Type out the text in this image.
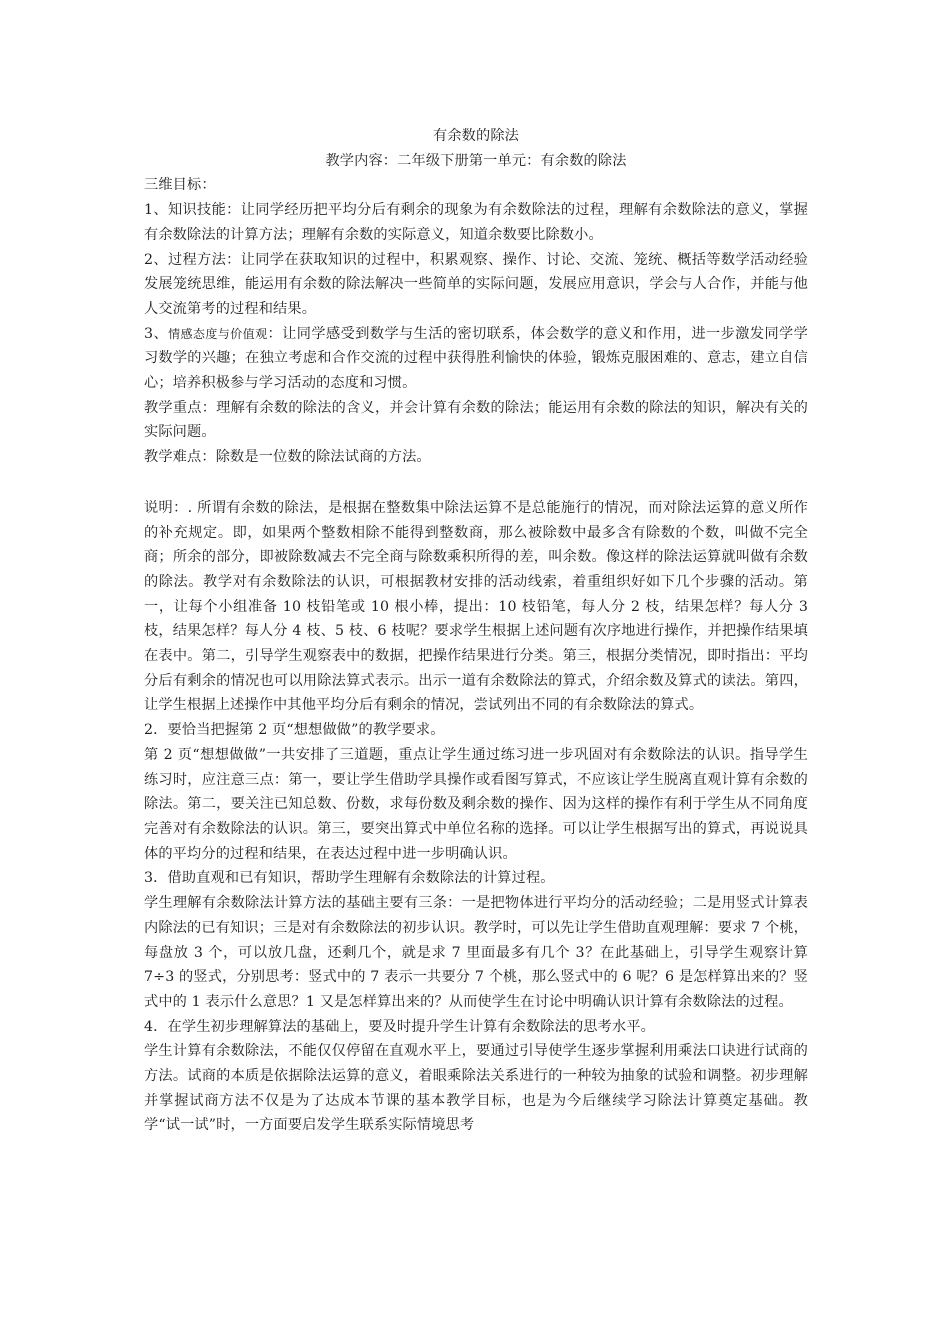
有余数的除法

教学内容：二年级下册第一单元：有余数的除法

三维目标：

1、知识技能：让同学经历把平均分后有剩余的现象为有余数除法的过程，理解有余数除法的意义，掌握有余数除法的计算方法；理解有余数的实际意义，知道余数要比除数小。

2、过程方法：让同学在获取知识的过程中，积累观察、操作、讨论、交流、笼统、概括等数学活动经验发展笼统思维，能运用有余数的除法解决一些简单的实际问题，发展应用意识，学会与人合作，并能与他人交流第考的过程和结果。

3、情感态度与价值观：让同学感受到数学与生活的密切联系，体会数学的意义和作用，进一步激发同学学习数学的兴趣；在独立考虑和合作交流的过程中获得胜利愉快的体验，锻炼克服困难的、意志，建立自信心；培养积极参与学习活动的态度和习惯。

教学重点：理解有余数的除法的含义，并会计算有余数的除法；能运用有余数的除法的知识，解决有关的实际问题。

教学难点：除数是一位数的除法试商的方法。

说明：. 所谓有余数的除法，是根据在整数集中除法运算不是总能施行的情况，而对除法运算的意义所作的补充规定。即，如果两个整数相除不能得到整数商，那么被除数中最多含有除数的个数，叫做不完全商；所余的部分，即被除数减去不完全商与除数乘积所得的差，叫余数。像这样的除法运算就叫做有余数的除法。教学对有余数除法的认识，可根据教材安排的活动线索，着重组织好如下几个步骤的活动。第一，让每个小组准备 10 枝铅笔或 10 根小棒，提出：10 枝铅笔，每人分 2 枝，结果怎样？每人分 3 枝，结果怎样？每人分 4 枝、5 枝、6 枝呢？要求学生根据上述问题有次序地进行操作，并把操作结果填在表中。第二，引导学生观察表中的数据，把操作结果进行分类。第三，根据分类情况，即时指出：平均分后有剩余的情况也可以用除法算式表示。出示一道有余数除法的算式，介绍余数及算式的读法。第四，让学生根据上述操作中其他平均分后有剩余的情况，尝试列出不同的有余数除法的算式。

2．要恰当把握第 2 页“想想做做”的教学要求。

第 2 页“想想做做”一共安排了三道题，重点让学生通过练习进一步巩固对有余数除法的认识。指导学生练习时，应注意三点：第一，要让学生借助学具操作或看图写算式，不应该让学生脱离直观计算有余数的除法。第二，要关注已知总数、份数，求每份数及剩余数的操作、因为这样的操作有利于学生从不同角度完善对有余数除法的认识。第三，要突出算式中单位名称的选择。可以让学生根据写出的算式，再说说具体的平均分的过程和结果，在表达过程中进一步明确认识。

3．借助直观和已有知识，帮助学生理解有余数除法的计算过程。

学生理解有余数除法计算方法的基础主要有三条：一是把物体进行平均分的活动经验；二是用竖式计算表内除法的已有知识；三是对有余数除法的初步认识。教学时，可以先让学生借助直观理解：要求 7 个桃，每盘放 3 个，可以放几盘，还剩几个，就是求 7 里面最多有几个 3？在此基础上，引导学生观察计算 7÷3 的竖式，分别思考：竖式中的 7 表示一共要分 7 个桃，那么竖式中的 6 呢？6 是怎样算出来的？竖式中的 1 表示什么意思？1 又是怎样算出来的？从而使学生在讨论中明确认识计算有余数除法的过程。

4．在学生初步理解算法的基础上，要及时提升学生计算有余数除法的思考水平。

学生计算有余数除法，不能仅仅停留在直观水平上，要通过引导使学生逐步掌握利用乘法口诀进行试商的方法。试商的本质是依据除法运算的意义，着眼乘除法关系进行的一种较为抽象的试验和调整。初步理解并掌握试商方法不仅是为了达成本节课的基本教学目标，也是为今后继续学习除法计算奠定基础。教学“试一试”时，一方面要启发学生联系实际情境思考
